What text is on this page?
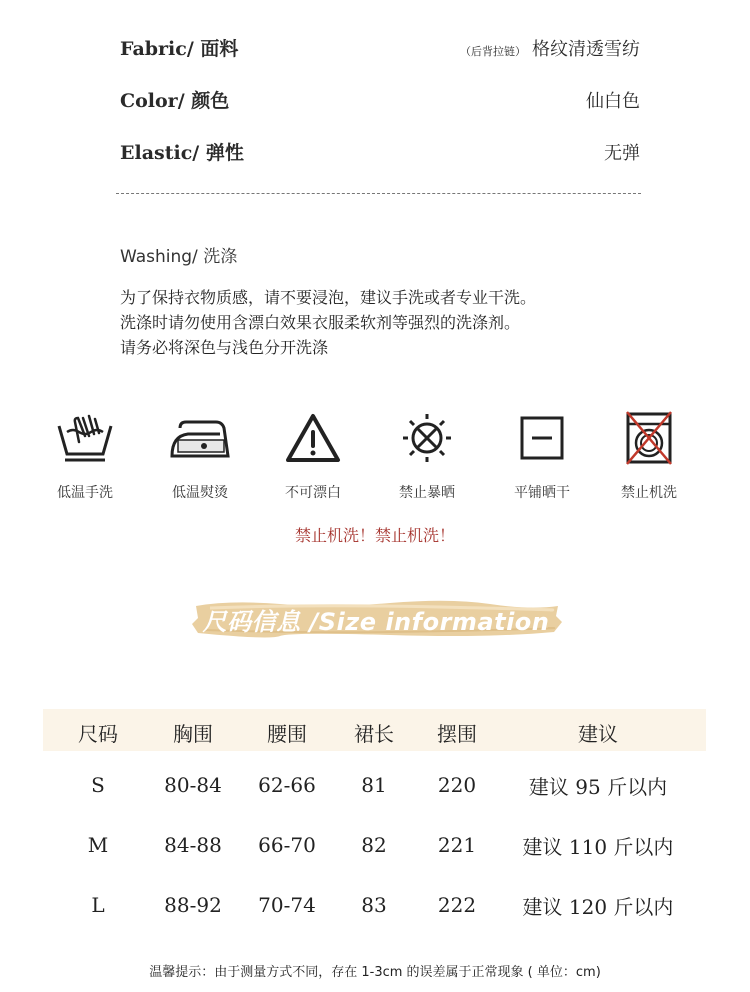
Fabric/ 面料	（后背拉链） 格纹清透雪纺
Color/ 颜色	仙白色
Elastic/ 弹性	无弹
Washing/ 洗涤
为了保持衣物质感，请不要浸泡，建议手洗或者专业干洗。
洗涤时请勿使用含漂白效果衣服柔软剂等强烈的洗涤剂。
请务必将深色与浅色分开洗涤
低温手洗	低温熨烫	不可漂白	禁止暴晒	平铺晒干	禁止机洗
禁止机洗！禁止机洗！
尺码信息 /Size information
尺码	胸围	腰围	裙长	摆围	建议
S	80-84	62-66	81	220	建议 95 斤以内
M	84-88	66-70	82	221	建议 110 斤以内
L	88-92	70-74	83	222	建议 120 斤以内
温馨提示：由于测量方式不同，存在 1-3cm 的误差属于正常现象 ( 单位：cm)
